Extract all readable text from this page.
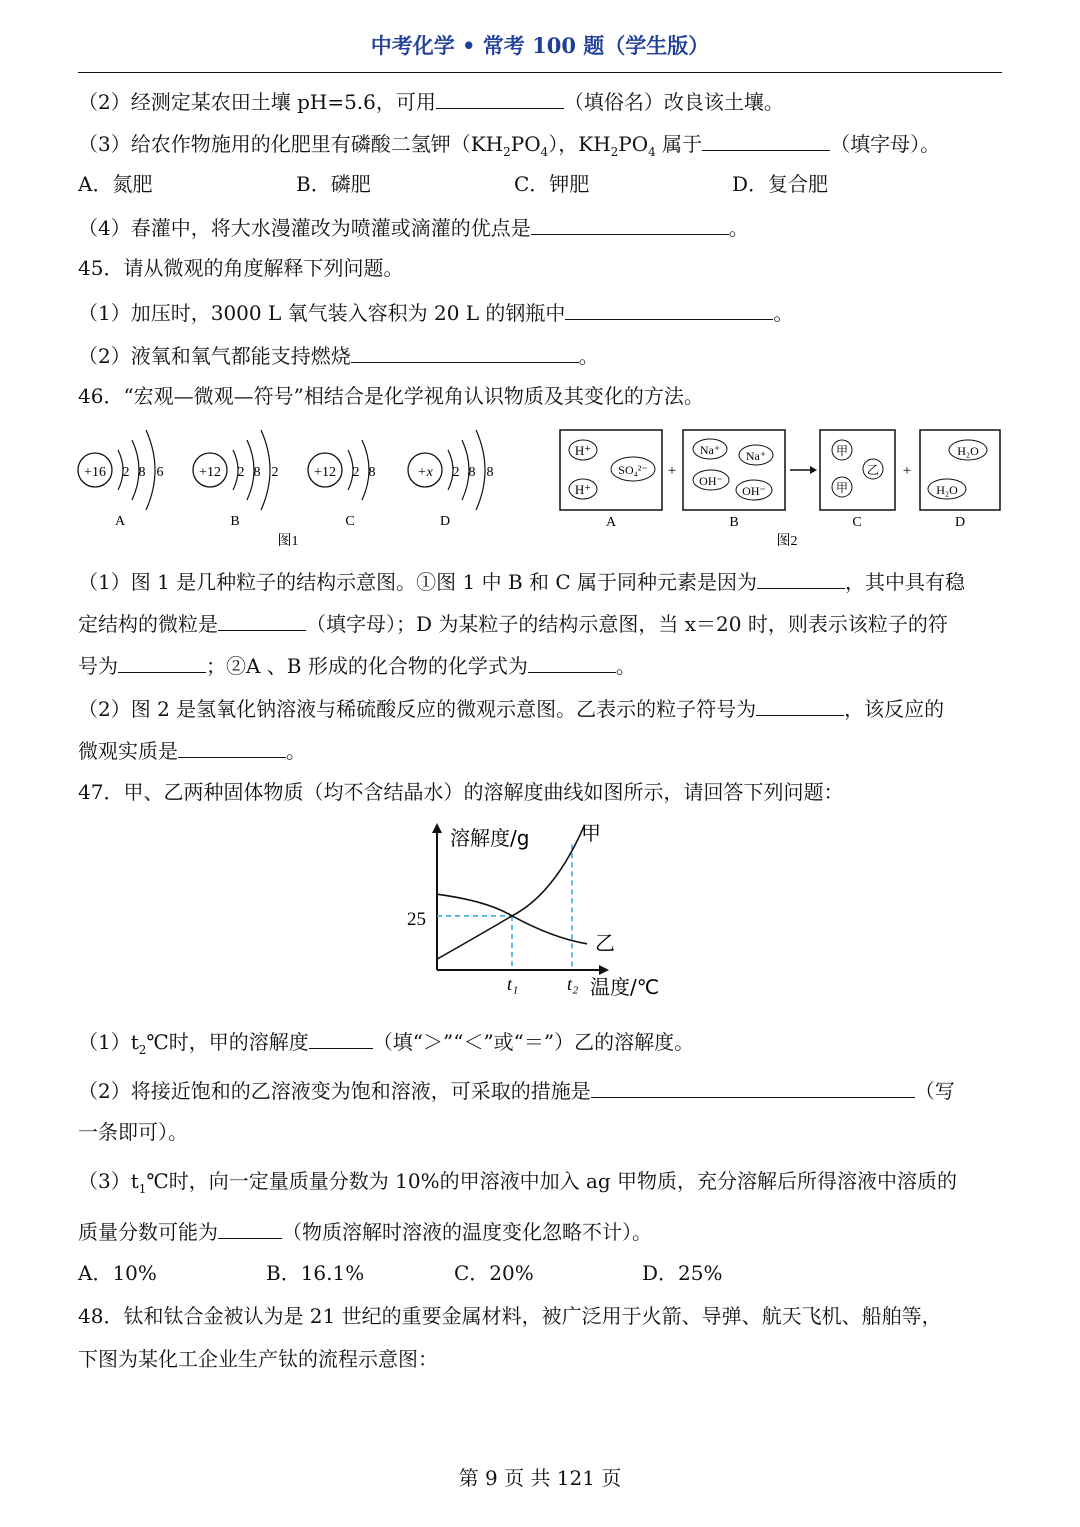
中考化学 • 常考 100 题（学生版）
（2）经测定某农田土壤 pH=5.6，可用	（填俗名）改良该土壤。
（3）给农作物施用的化肥里有磷酸二氢钾$(KH_2PO_4)$，$KH_2PO_4$ 属于	（填字母）。
A．氮肥	B．磷肥	C．钾肥	D．复合肥
（4）春灌中，将大水漫灌改为喷灌或滴灌的优点是	。
45．请从微观的角度解释下列问题。
（1）加压时，3000 L 氧气装入容积为 20 L 的钢瓶中	。
（2）液氧和氧气都能支持燃烧	。
46．“宏观—微观—符号”相结合是化学视角认识物质及其变化的方法。
+16 2 8 6
A
+12 2 8 2
B
+12 2 8
C
+x 2 8 8
D
图1
H⁺
SO₄²⁻
H⁺
A
+
Na⁺ Na⁺
OH⁻
OH⁻
B
甲
乙
甲
C
+
H₂O
H₂O
D
图2
（1）图 1 是几种粒子的结构示意图。①图 1 中 B 和 C 属于同种元素是因为	，其中具有稳
定结构的微粒是	（填字母）；D 为某粒子的结构示意图，当 x＝20 时，则表示该粒子的符
号为	；②A 、B 形成的化合物的化学式为	。
（2）图 2 是氢氧化钠溶液与稀硫酸反应的微观示意图。乙表示的粒子符号为	，该反应的
微观实质是	。
47．甲、乙两种固体物质（均不含结晶水）的溶解度曲线如图所示，请回答下列问题：
溶解度/g
温度/℃
25
t₁	t₂
甲
乙
$(1)t_2℃$时，甲的溶解度	（填“＞”“＜”或“＝”）乙的溶解度。
（2）将接近饱和的乙溶液变为饱和溶液，可采取的措施是	（写
一条即可）。
$(3)t_1℃$时，向一定量质量分数为 10%的甲溶液中加入 ag 甲物质，充分溶解后所得溶液中溶质的
质量分数可能为	（物质溶解时溶液的温度变化忽略不计）。
A．10%	B．16.1%	C．20%	D．25%
48．钛和钛合金被认为是 21 世纪的重要金属材料，被广泛用于火箭、导弹、航天飞机、船舶等，
下图为某化工企业生产钛的流程示意图：
第 9 页 共 121 页
